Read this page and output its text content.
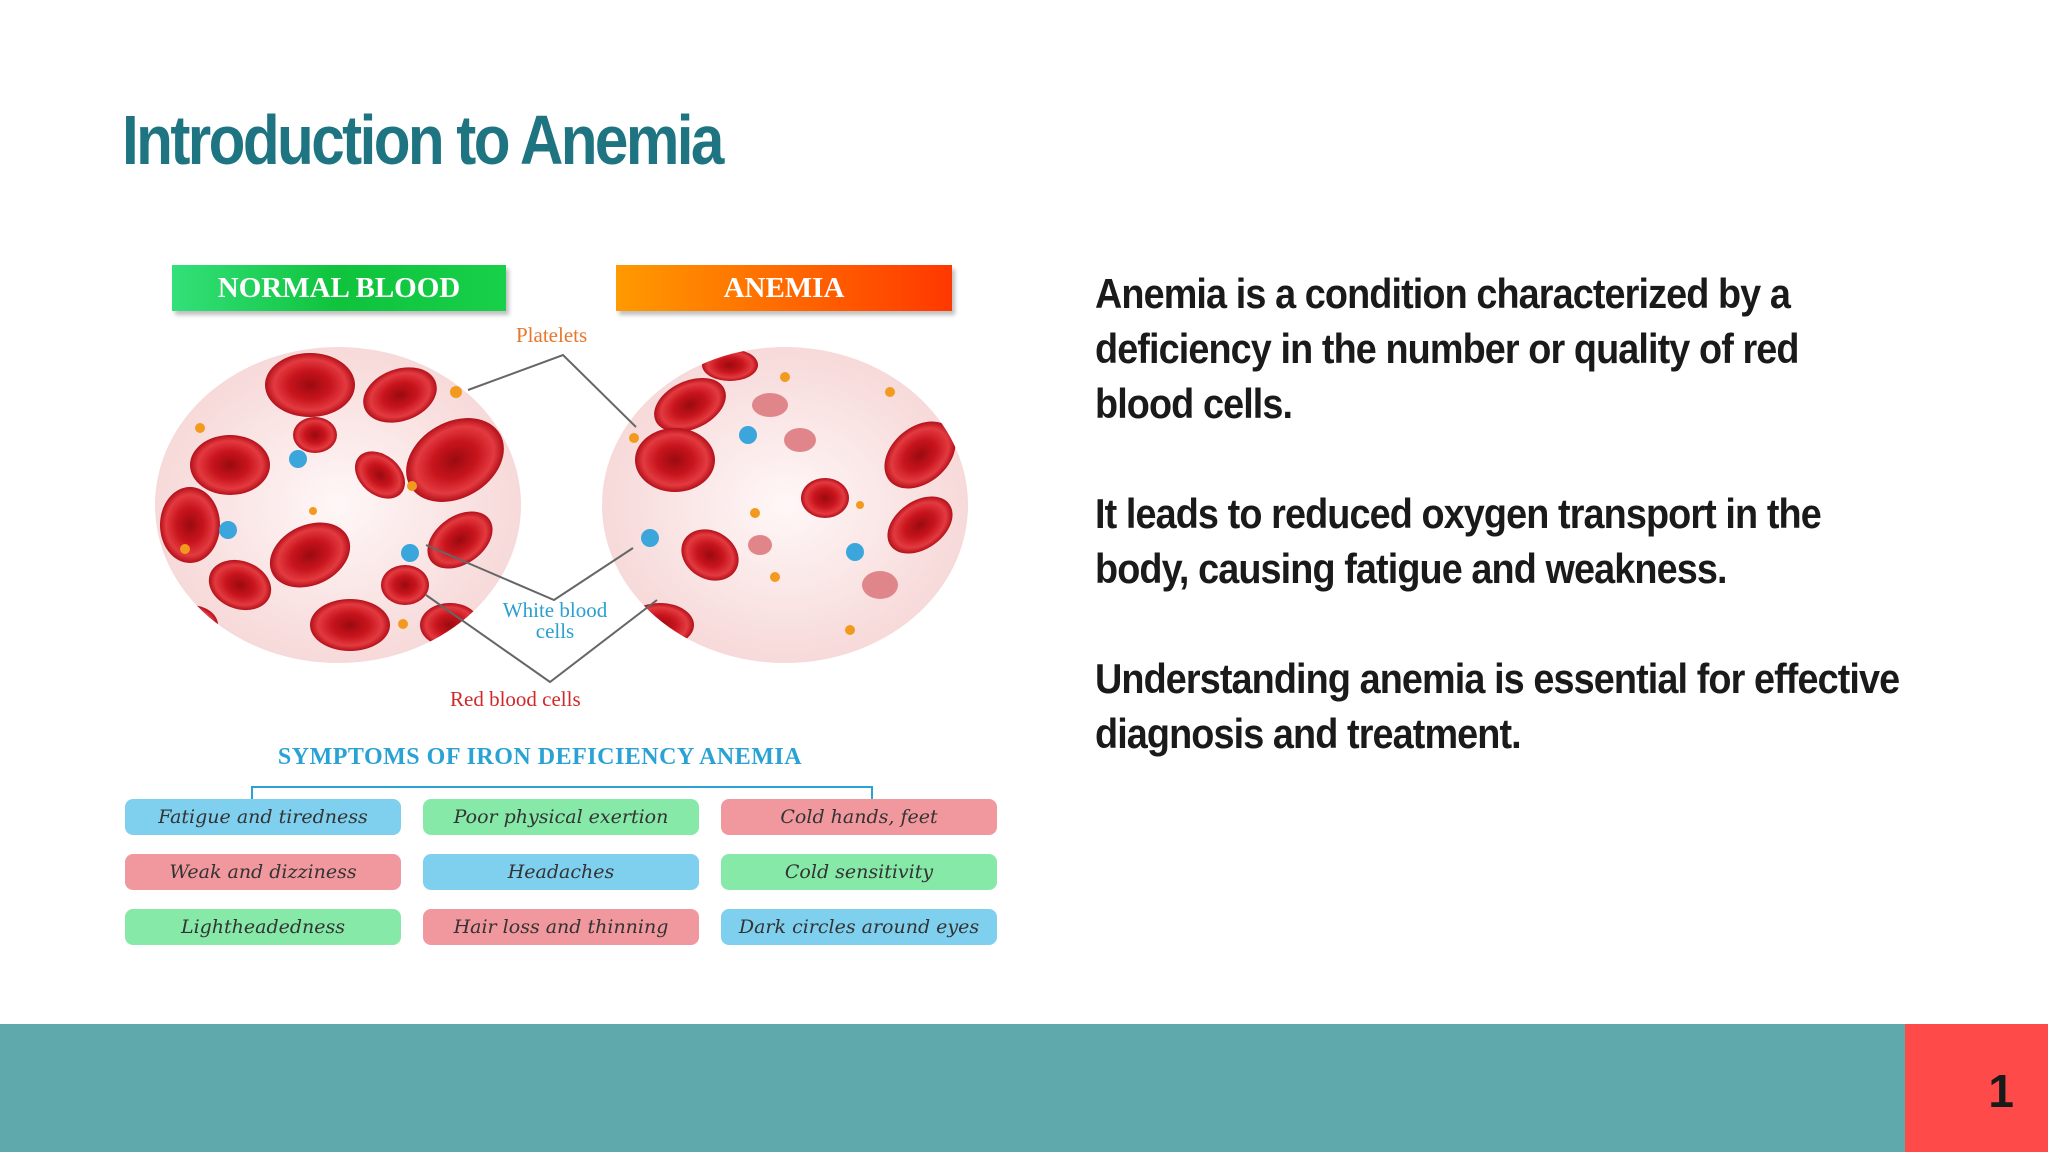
Introduction to Anemia
NORMAL BLOOD	ANEMIA
Platelets
White blood
cells
Red blood cells
SYMPTOMS OF IRON DEFICIENCY ANEMIA
Fatigue and tiredness	Poor physical exertion	Cold hands, feet
Weak and dizziness	Headaches	Cold sensitivity
Lightheadedness	Hair loss and thinning	Dark circles around eyes

Anemia is a condition characterized by a deficiency in the number or quality of red blood cells.

It leads to reduced oxygen transport in the body, causing fatigue and weakness.

Understanding anemia is essential for effective diagnosis and treatment.

1
